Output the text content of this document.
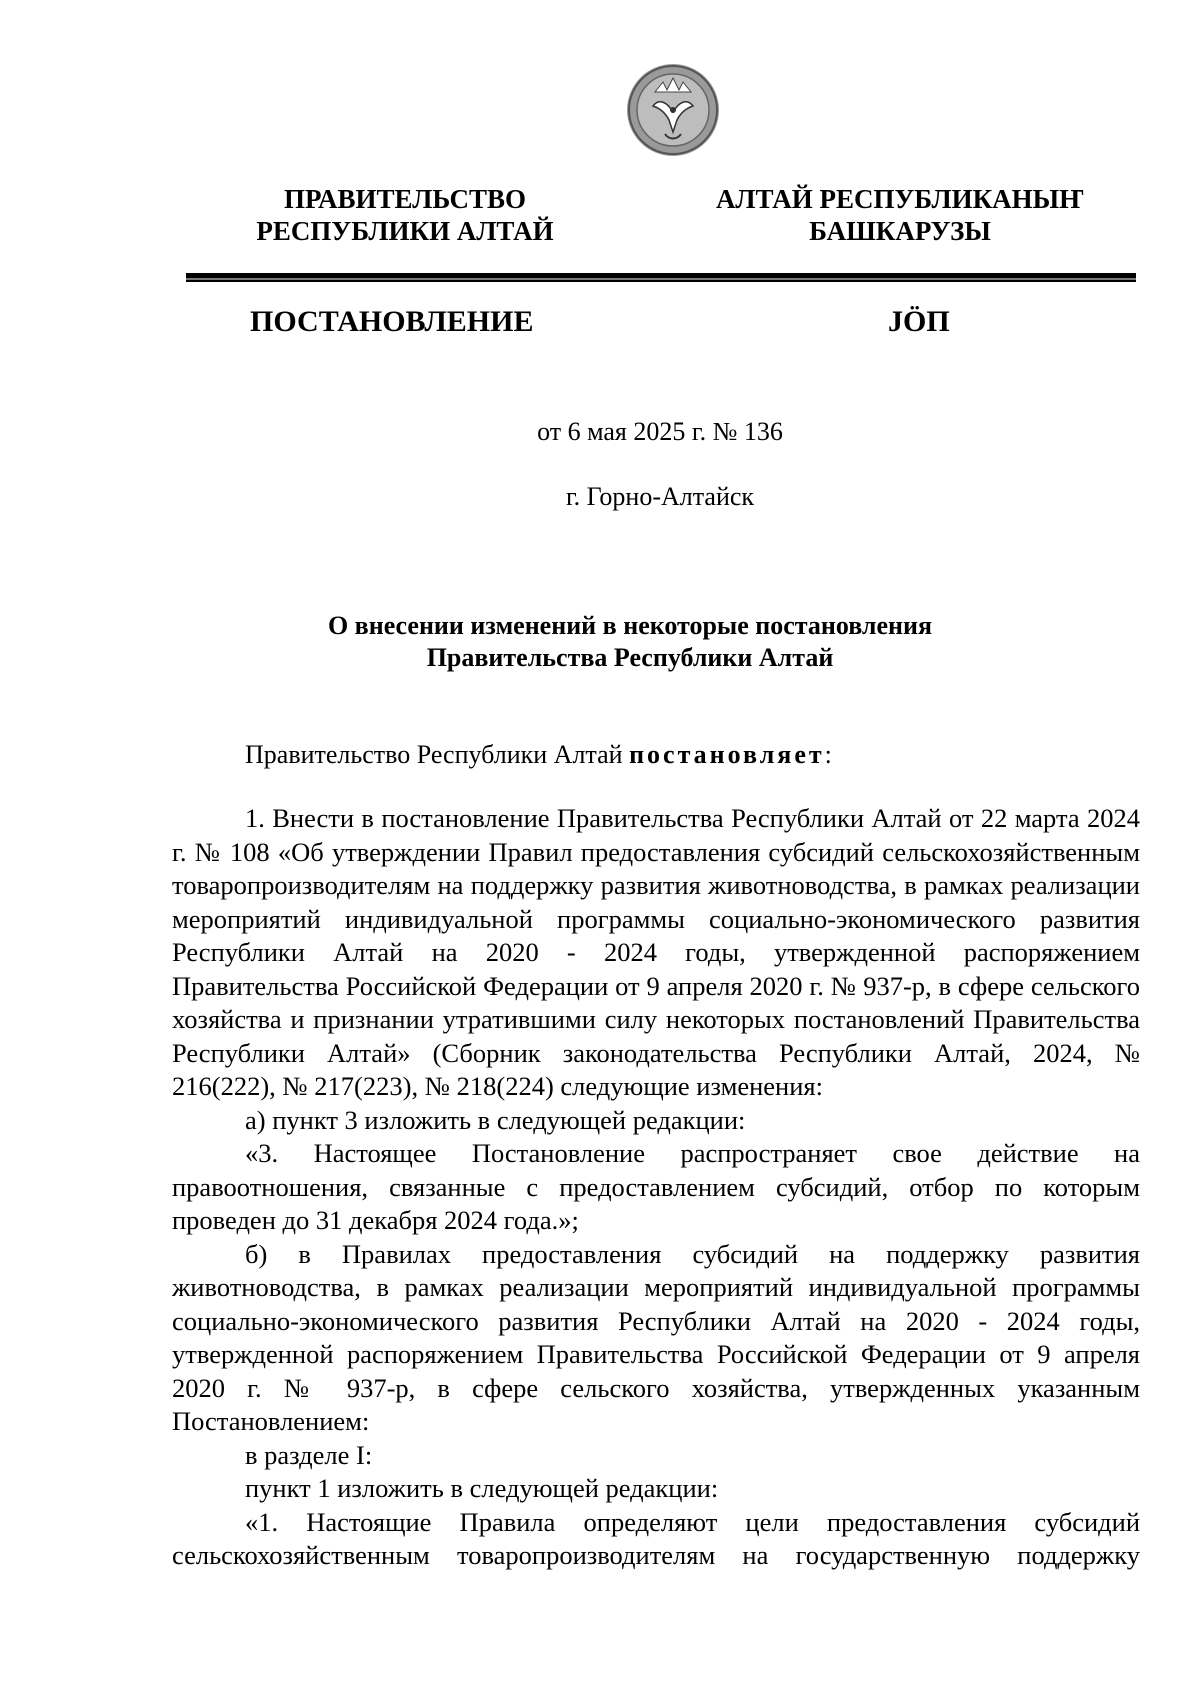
ПРАВИТЕЛЬСТВО
РЕСПУБЛИКИ АЛТАЙ
АЛТАЙ РЕСПУБЛИКАНЫҤ
БАШКАРУЗЫ
ПОСТАНОВЛЕНИЕ	JӦП
от 6 мая 2025 г. № 136
г. Горно-Алтайск
О внесении изменений в некоторые постановления
Правительства Республики Алтай
Правительство Республики Алтай постановляет:

1. Внести в постановление Правительства Республики Алтай от 22 марта 2024 г. № 108 «Об утверждении Правил предоставления субсидий сельскохозяйственным товаропроизводителям на поддержку развития животноводства, в рамках реализации мероприятий индивидуальной программы социально-экономического развития Республики Алтай на 2020 - 2024 годы, утвержденной распоряжением Правительства Российской Федерации от 9 апреля 2020 г. № 937-р, в сфере сельского хозяйства и признании утратившими силу некоторых постановлений Правительства Республики Алтай» (Сборник законодательства Республики Алтай, 2024, № 216(222), № 217(223), № 218(224) следующие изменения:

а) пункт 3 изложить в следующей редакции:

«3. Настоящее Постановление распространяет свое действие на правоотношения, связанные с предоставлением субсидий, отбор по которым проведен до 31 декабря 2024 года.»;

б) в Правилах предоставления субсидий на поддержку развития животноводства, в рамках реализации мероприятий индивидуальной программы социально-экономического развития Республики Алтай на 2020 - 2024 годы, утвержденной распоряжением Правительства Российской Федерации от 9 апреля 2020 г. № 937-р, в сфере сельского хозяйства, утвержденных указанным Постановлением:

в разделе I:

пункт 1 изложить в следующей редакции:

«1. Настоящие Правила определяют цели предоставления субсидий сельскохозяйственным товаропроизводителям на государственную поддержку
